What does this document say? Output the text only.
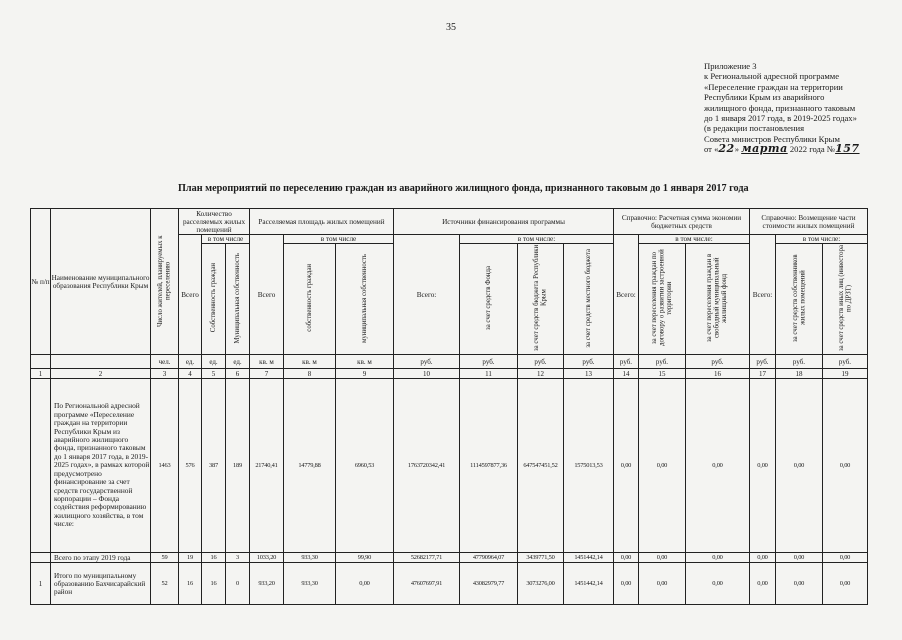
35
Приложение 3
к Региональной адресной программе
«Переселение граждан на территории
Республики Крым из аварийного
жилищного фонда, признанного таковым
до 1 января 2017 года, в 2019-2025 годах»
(в редакции постановления
Совета министров Республики Крым
от «22» марта 2022 года №157
План мероприятий по переселению граждан из аварийного жилищного фонда, признанного таковым до 1 января 2017 года
№ п/п	Наименование муниципального образования Республики Крым	Число жителей, планируемых к переселению	Количество расселяемых жилых помещений			Расселяемая площадь жилых помещений			Источники финансирования программы				Справочно: Расчетная сумма экономии бюджетных средств			Справочно: Возмещение части стоимости жилых помещений		
			Всего	в том числе		Всего	в том числе		Всего:	в том числе:			Всего:	в том числе:		Всего:	в том числе:	
				Собственность граждан	Муниципальная собственность		собственность граждан	муниципальная собственность		за счет средств Фонда	за счет средств бюджета Республики Крым	за счет средств местного бюджета		за счет переселения граждан по договору о развитии застроенной территории	за счет переселения граждан в свободный муниципальный жилищный фонд		за счет средств собственников жилых помещений	за счет средств иных лиц (инвестора по ДРЗТ)
		чел.	ед.	ед.	ед.	кв. м	кв. м	кв. м	руб.	руб.	руб.	руб.	руб.	руб.	руб.	руб.	руб.	руб.
1	2	3	4	5	6	7	8	9	10	11	12	13	14	15	16	17	18	19
	По Региональной адресной программе «Переселение граждан на территории Республики Крым из аварийного жилищного фонда, признанного таковым до 1 января 2017 года, в 2019-2025 годах», в рамках которой предусмотрено финансирование за счет средств государственной корпорации – Фонда содействия реформированию жилищного хозяйства, в том числе:	1463	576	387	189	21740,41	14779,88	6960,53	1763720342,41	1114597877,36	647547451,52	1575013,53	0,00	0,00	0,00	0,00	0,00	0,00
	Всего по этапу 2019 года	59	19	16	3	1033,20	933,30	99,90	52682177,71	47790964,07	3439771,50	1451442,14	0,00	0,00	0,00	0,00	0,00	0,00
1	Итого по муниципальному образованию Бахчисарайский район	52	16	16	0	933,20	933,30	0,00	47607697,91	43082979,77	3073276,00	1451442,14	0,00	0,00	0,00	0,00	0,00	0,00
